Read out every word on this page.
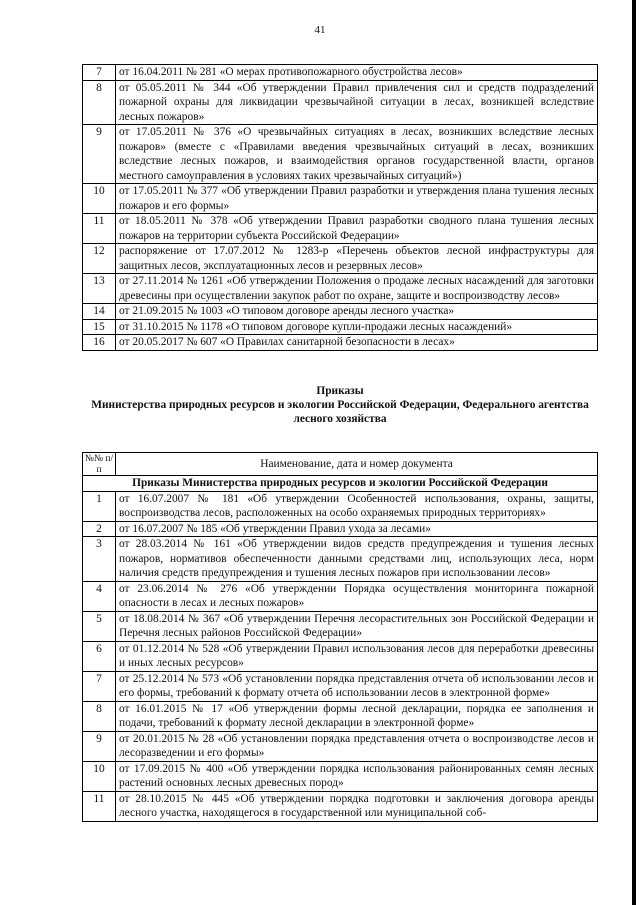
41
7	от 16.04.2011 № 281 «О мерах противопожарного обустройства лесов»
8	от 05.05.2011 № 344 «Об утверждении Правил привлечения сил и средств подразделений пожарной охраны для ликвидации чрезвычайной ситуации в лесах, возникшей вследствие лесных пожаров»
9	от 17.05.2011 № 376 «О чрезвычайных ситуациях в лесах, возникших вследствие лесных пожаров» (вместе с «Правилами введения чрезвычайных ситуаций в лесах, возникших вследствие лесных пожаров, и взаимодействия органов государственной власти, органов местного самоуправления в условиях таких чрезвычайных ситуаций»)
10	от 17.05.2011 № 377 «Об утверждении Правил разработки и утверждения плана тушения лесных пожаров и его формы»
11	от 18.05.2011 № 378 «Об утверждении Правил разработки сводного плана тушения лесных пожаров на территории субъекта Российской Федерации»
12	распоряжение от 17.07.2012 № 1283-р «Перечень объектов лесной инфраструктуры для защитных лесов, эксплуатационных лесов и резервных лесов»
13	от 27.11.2014 № 1261 «Об утверждении Положения о продаже лесных насаждений для заготовки древесины при осуществлении закупок работ по охране, защите и воспроизводству лесов»
14	от 21.09.2015 № 1003 «О типовом договоре аренды лесного участка»
15	от 31.10.2015 № 1178 «О типовом договоре купли-продажи лесных насаждений»
16	от 20.05.2017 № 607 «О Правилах санитарной безопасности в лесах»
Приказы
Министерства природных ресурсов и экологии Российской Федерации, Федерального агентства лесного хозяйства
№№ п/п	Наименование, дата и номер документа
Приказы Министерства природных ресурсов и экологии Российской Федерации	
1	от 16.07.2007 № 181 «Об утверждении Особенностей использования, охраны, защиты, воспроизводства лесов, расположенных на особо охраняемых природных территориях»
2	от 16.07.2007 № 185 «Об утверждении Правил ухода за лесами»
3	от 28.03.2014 № 161 «Об утверждении видов средств предупреждения и тушения лесных пожаров, нормативов обеспеченности данными средствами лиц, использующих леса, норм наличия средств предупреждения и тушения лесных пожаров при использовании лесов»
4	от 23.06.2014 № 276 «Об утверждении Порядка осуществления мониторинга пожарной опасности в лесах и лесных пожаров»
5	от 18.08.2014 № 367 «Об утверждении Перечня лесорастительных зон Российской Федерации и Перечня лесных районов Российской Федерации»
6	от 01.12.2014 № 528 «Об утверждении Правил использования лесов для переработки древесины и иных лесных ресурсов»
7	от 25.12.2014 № 573 «Об установлении порядка представления отчета об использовании лесов и его формы, требований к формату отчета об использовании лесов в электронной форме»
8	от 16.01.2015 № 17 «Об утверждении формы лесной декларации, порядка ее заполнения и подачи, требований к формату лесной декларации в электронной форме»
9	от 20.01.2015 № 28 «Об установлении порядка представления отчета о воспроизводстве лесов и лесоразведении и его формы»
10	от 17.09.2015 № 400 «Об утверждении порядка использования районированных семян лесных растений основных лесных древесных пород»
11	от 28.10.2015 № 445 «Об утверждении порядка подготовки и заключения договора аренды лесного участка, находящегося в государственной или муниципальной соб-
